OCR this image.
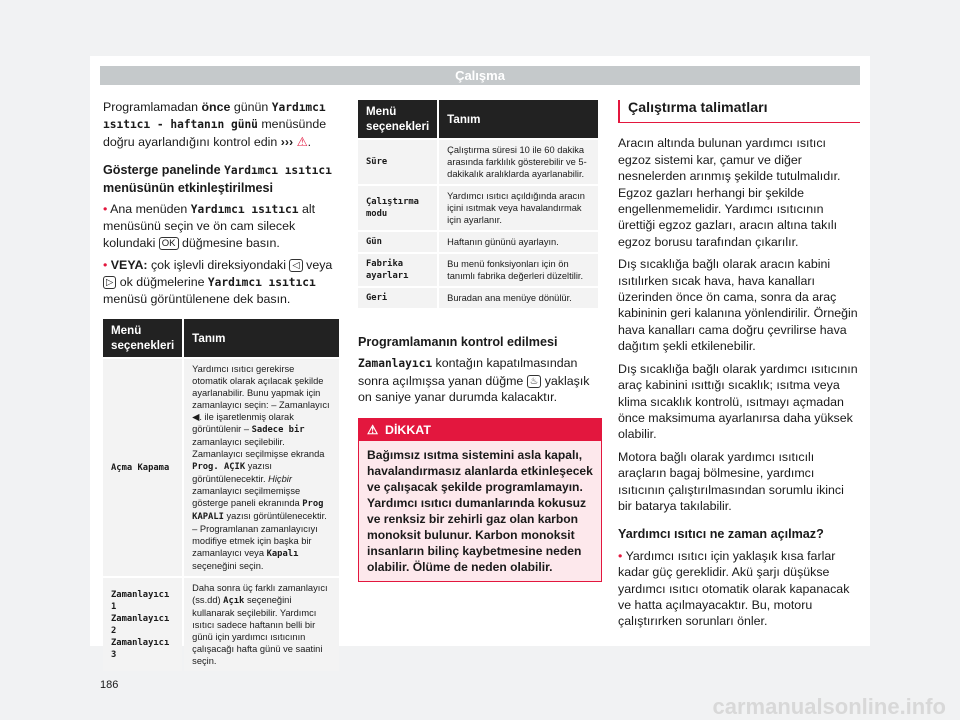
Çalışma

Programlamadan önce günün Yardımcı ısıtıcı - haftanın günü menüsünde doğru ayarlandığını kontrol edin ››› ⚠.

Gösterge panelinde Yardımcı ısıtıcı menüsünün etkinleştirilmesi

• Ana menüden Yardımcı ısıtıcı alt menüsünü seçin ve ön cam silecek kolundaki OK düğmesine basın.

• VEYA: çok işlevli direksiyondaki ◁ veya ▷ ok düğmelerine Yardımcı ısıtıcı menüsü görüntülenene dek basın.

Menü seçenekleri	Tanım
Açma Kapama	Yardımcı ısıtıcı gerekirse otomatik olarak açılacak şekilde ayarlanabilir. Bunu yapmak için zamanlayıcı seçin: – Zamanlayıcı ◀. ile işaretlenmiş olarak görüntülenir – Sadece bir zamanlayıcı seçilebilir. Zamanlayıcı seçilmişse ekranda Prog. AÇIK yazısı görüntülenecektir. Hiçbir zamanlayıcı seçilmemişse gösterge paneli ekranında Prog KAPALI yazısı görüntülenecektir. – Programlanan zamanlayıcıyı modifiye etmek için başka bir zamanlayıcı veya Kapalı seçeneğini seçin.
Zamanlayıcı 1 Zamanlayıcı 2 Zamanlayıcı 3	Daha sonra üç farklı zamanlayıcı (ss.dd) Açık seçeneğini kullanarak seçilebilir. Yardımcı ısıtıcı sadece haftanın belli bir günü için yardımcı ısıtıcının çalışacağı hafta günü ve saatini seçin.
Menü seçenekleri	Tanım
Süre	Çalıştırma süresi 10 ile 60 dakika arasında farklılık gösterebilir ve 5-dakikalık aralıklarda ayarlanabilir.
Çalıştırma modu	Yardımcı ısıtıcı açıldığında aracın içini ısıtmak veya havalandırmak için ayarlanır.
Gün	Haftanın gününü ayarlayın.
Fabrika ayarları	Bu menü fonksiyonları için ön tanımlı fabrika değerleri düzeltilir.
Geri	Buradan ana menüye dönülür.
Programlamanın kontrol edilmesi

Zamanlayıcı kontağın kapatılmasından sonra açılmışsa yanan düğme ♨ yaklaşık on saniye yanar durumda kalacaktır.

⚠ DİKKAT
Bağımsız ısıtma sistemini asla kapalı, havalandırmasız alanlarda etkinleşecek ve çalışacak şekilde programlamayın. Yardımcı ısıtıcı dumanlarında kokusuz ve renksiz bir zehirli gaz olan karbon monoksit bulunur. Karbon monoksit insanların bilinç kaybetmesine neden olabilir. Ölüme de neden olabilir.
Çalıştırma talimatları

Aracın altında bulunan yardımcı ısıtıcı egzoz sistemi kar, çamur ve diğer nesnelerden arınmış şekilde tutulmalıdır. Egzoz gazları herhangi bir şekilde engellenmemelidir. Yardımcı ısıtıcının ürettiği egzoz gazları, aracın altına takılı egzoz borusu tarafından çıkarılır.

Dış sıcaklığa bağlı olarak aracın kabini ısıtılırken sıcak hava, hava kanalları üzerinden önce ön cama, sonra da araç kabininin geri kalanına yönlendirilir. Örneğin hava kanalları cama doğru çevrilirse hava dağıtım şekli etkilenebilir.

Dış sıcaklığa bağlı olarak yardımcı ısıtıcının araç kabinini ısıttığı sıcaklık; ısıtma veya klima sıcaklık kontrolü, ısıtmayı açmadan önce maksimuma ayarlanırsa daha yüksek olabilir.

Motora bağlı olarak yardımcı ısıtıcılı araçların bagaj bölmesine, yardımcı ısıtıcının çalıştırılmasından sorumlu ikinci bir batarya takılabilir.

Yardımcı ısıtıcı ne zaman açılmaz?

• Yardımcı ısıtıcı için yaklaşık kısa farlar kadar güç gereklidir. Akü şarjı düşükse yardımcı ısıtıcı otomatik olarak kapanacak ve hatta açılmayacaktır. Bu, motoru çalıştırırken sorunları önler.

186
carmanualsonline.info
